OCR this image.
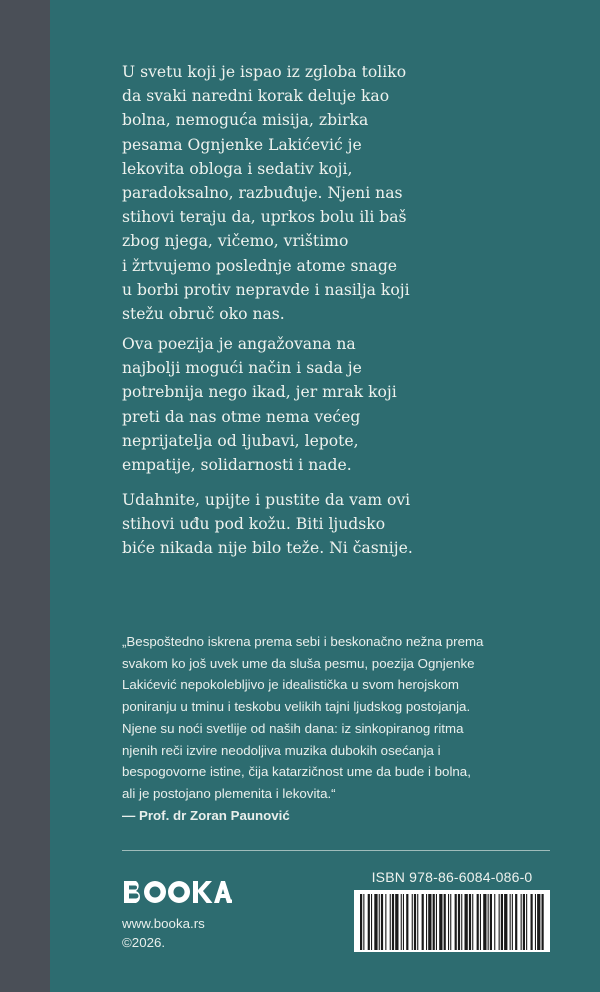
U svetu koji je ispao iz zgloba toliko
da svaki naredni korak deluje kao
bolna, nemoguća misija, zbirka
pesama Ognjenke Lakićević je
lekovita obloga i sedativ koji,
paradoksalno, razbuđuje. Njeni nas
stihovi teraju da, uprkos bolu ili baš
zbog njega, vičemo, vrištimo
i žrtvujemo poslednje atome snage
u borbi protiv nepravde i nasilja koji
stežu obruč oko nas.

Ova poezija je angažovana na
najbolji mogući način i sada je
potrebnija nego ikad, jer mrak koji
preti da nas otme nema većeg
neprijatelja od ljubavi, lepote,
empatije, solidarnosti i nade.

Udahnite, upijte i pustite da vam ovi
stihovi uđu pod kožu. Biti ljudsko
biće nikada nije bilo teže. Ni časnije.

„Bespoštedno iskrena prema sebi i beskonačno nežna prema
svakom ko još uvek ume da sluša pesmu, poezija Ognjenke
Lakićević nepokolebljivo je idealistička u svom herojskom
poniranju u tminu i teskobu velikih tajni ljudskog postojanja.
Njene su noći svetlije od naših dana: iz sinkopiranog ritma
njenih reči izvire neodoljiva muzika dubokih osećanja i
bespogovorne istine, čija katarzičnost ume da bude i bolna,
ali je postojano plemenita i lekovita.“
— Prof. dr Zoran Paunović
www.booka.rs
©2026.
ISBN 978-86-6084-086-0
